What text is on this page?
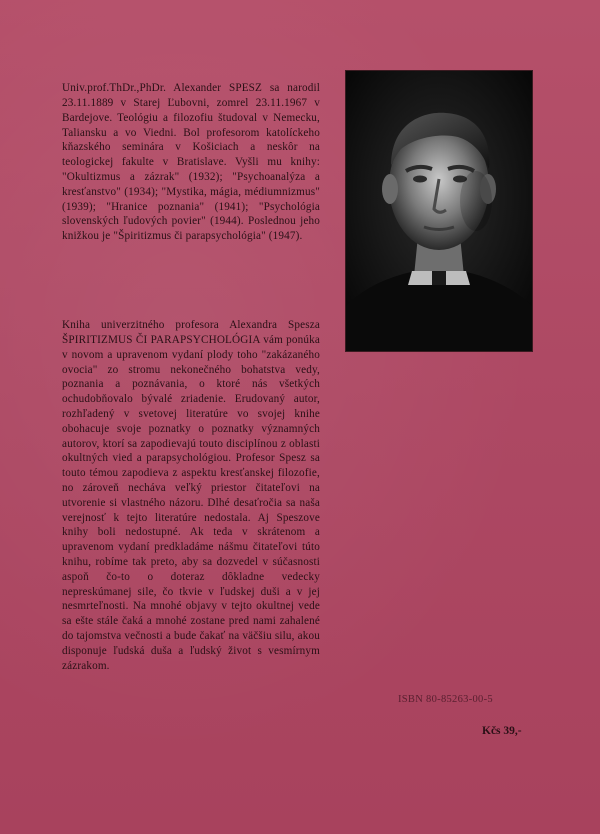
Univ.prof.ThDr.,PhDr. Alexander SPESZ sa narodil 23.11.1889 v Starej Ľubovni, zomrel 23.11.1967 v Bardejove. Teológiu a filozofiu študoval v Nemecku, Taliansku a vo Viedni. Bol profesorom katolíckeho kňazského seminára v Košiciach a neskôr na teologickej fakulte v Bratislave. Vyšli mu knihy: "Okultizmus a zázrak" (1932); "Psychoanalýza a kresťanstvo" (1934); "Mystika, mágia, médiumnizmus" (1939); "Hranice poznania" (1941); "Psychológia slovenských ľudových povier" (1944). Poslednou jeho knižkou je "Špiritizmus či parapsychológia" (1947).

Kniha univerzitného profesora Alexandra Spesza ŠPIRITIZMUS ČI PARAPSYCHOLÓGIA vám ponúka v novom a upravenom vydaní plody toho "zakázaného ovocia" zo stromu nekonečného bohatstva vedy, poznania a poznávania, o ktoré nás všetkých ochudobňovalo bývalé zriadenie. Erudovaný autor, rozhľadený v svetovej literatúre vo svojej knihe obohacuje svoje poznatky o poznatky významných autorov, ktorí sa zapodievajú touto disciplínou z oblasti okultných vied a parapsychológiou. Profesor Spesz sa touto témou zapodieva z aspektu kresťanskej filozofie, no zároveň necháva veľký priestor čitateľovi na utvorenie si vlastného názoru. Dlhé desaťročia sa naša verejnosť k tejto literatúre nedostala. Aj Speszove knihy boli nedostupné. Ak teda v skrátenom a upravenom vydaní predkladáme nášmu čitateľovi túto knihu, robíme tak preto, aby sa dozvedel v súčasnosti aspoň čo-to o doteraz dôkladne vedecky nepreskúmanej sile, čo tkvie v ľudskej duši a v jej nesmrteľnosti. Na mnohé objavy v tejto okultnej vede sa ešte stále čaká a mnohé zostane pred nami zahalené do tajomstva večnosti a bude čakať na väčšiu silu, akou disponuje ľudská duša a ľudský život s vesmírnym zázrakom.

ISBN 80-85263-00-5
Kčs 39,-
